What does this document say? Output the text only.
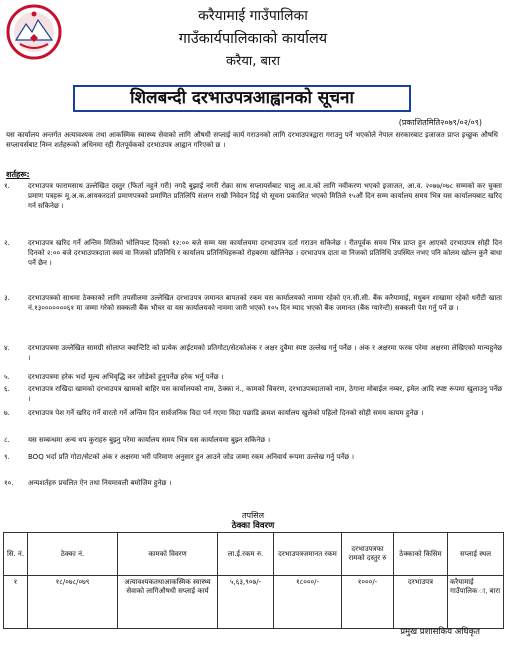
करैयामाई गाउँपालिका
गाउँकार्यपालिकाको कार्यालय
करैया, बारा
शिलबन्दी दरभाउपत्रआह्वानको सूचना
(प्रकाशितमिति२०७९/०२/०९)
यस कार्यालय अन्तर्गत अत्यावश्यक तथा आकस्मिक स्वास्थ्य सेवाको लागि औषधी सप्लाई कार्य गराउनको लागि दरभाउपत्रद्वारा गराउनु पर्ने भएकोले नेपाल सरकारबाट इजाजत प्राप्त इच्छुक औषधि सप्लायर्सबाट निम्न शर्तहरूको अधिनमा रही रीतपूर्वकको दरभाउपत्र आह्वान गरिएको छ ।
शर्तहरू:
१.	दरभाउपत्र फारामसाथ उल्लेखित दस्तुर (फिर्ता नहुने गरी) नगदै बुझाई नगरी रोक्रा साथ सप्लायर्सबाट चालु आ.व.को लागि नवीकरण भएको इजाजत, आ.व. २०७७/०७८ सम्मको कर चुक्ता प्रमाण पत्रहरू मू.अ.क.आयकरदर्ता प्रमाणपत्रको प्रमाणित प्रतिलिपि संलग्न राखी निवेदन दिई यो सूचना प्रकाशित भएको मितिले १५औं दिन सम्म कार्यालय समय भित्र यस कार्यालयबाट खरिद गर्न सकिनेछ ।
२.	दरभाउपत्र खरिद गर्ने अन्तिम मितिको भोलिपल्ट दिनको १२:०० बजे सम्म यस कार्यालयमा दरभाउपत्र दर्ता गराउन सकिनेछ । रीतपूर्वक समय भित्र प्राप्त हुन आएको दरभाउपत्र सोही दिन दिनको २:०० बजे दरभाउपत्रदाता स्वयं वा निजको प्रतिनिधि र कार्यालय प्रतिनिधिहरूको रोहबरमा खोलिनेछ । दरभाउपत्र दाता वा निजको प्रतिनिधि उपस्थित नभए पनि कोलम खोल्न कुनै बाधा पर्ने छैन ।
३.	दरभाउपत्रको साथमा ठेक्काको लागि तपसीलमा उल्लेखित दरभाउपत्र जमानत बापतको रकम यस कार्यालयको नाममा रहेको एन.सी.सी. बैंक करैयामाई, मधुबन शाखामा रहेको धरौटी खाता नं.१३०००००००६१ मा जम्मा गरेको सक्कली बैंक भौचर वा यस कार्यालयको नाममा जारी भएको १०५ दिन म्याद भएको बैंक जमानत (बैंक ग्यारेन्टी) सक्कली पेश गर्नु पर्ने छ ।
४.	दरभाउपत्रमा उल्लेखित सामग्री सोलाप्त क्वान्टिटि को प्रत्येक आईटमको प्रतिगोटा/सेटकोअंक र अक्षर दुवैमा स्पष्ट उल्लेख गर्नु पर्नेछ । अंक र अक्षरमा फरक परेमा अक्षरमा लेखिएको मान्यहुनेछ ।
५.	दरभाउपत्रमा हरेक भर्दा मूल्य अभिवृद्धि कर जोडेको हुनुपर्नेछ हरेक भर्नु पर्नेछ ।
६.	दरभाउपत्र राखिदा खामको दरभाउपत्र खामको बाहिर यस कार्यालयको नाम, ठेक्का नं., कामको विवरण, दरभाउपत्रदाताको नाम, ठेगाना मोबाईल नम्बर, इमेल आदि स्पष्ट रूपमा खुलाउनु पर्नेछ ।
७.	दरभाउपत्र पेश गर्ने खरिद गर्ने वारतो गर्ने अन्तिम दिन सार्वजनिक विदा पर्न गएमा विदा पछाडि क्रमश कार्यालय खुलेको पहिलो दिनको सोही समय कायम हुनेछ ।
८.	यस सम्बन्धमा अन्य थप कुराहरु बुझ्नु परेमा कार्यालय समय भित्र यस कार्यालयमा बुझ्न सकिनेछ ।
९.	BOQ भर्दा प्रति गोटा/सेटको अंक र अक्षरमा भरी परिमाण अनुसार हुन आउने जोड जम्मा रकम अनिवार्य रूपमा उल्लेख गर्नु पर्नेछ ।
१०.	अन्यशर्तहरु प्रचलित ऐन तथा नियमावली बमोजिम हुनेछ ।
तपसिल
ठेक्का विवरण
सि. नं.	ठेक्का नं.	कामको विवरण	ला.ई.रकम रु.	दरभाउपत्रजमानत रकम	दरभाउपत्रफा रामको दस्तुर रु	ठेक्काको किसिम	सप्लाई स्थल
१	१८/०७८/०७९	अत्यावश्यकतथाआकस्मिक स्वास्थ्य सेवाको लागिऔषधी सप्लाई कार्य	५,६३,९०७/-	१८०००/-	१०००/-	दरभाउपत्र	करैयामाई गाउँपालिक ा, बारा
प्रमुख प्रशासकिय अधिकृत
